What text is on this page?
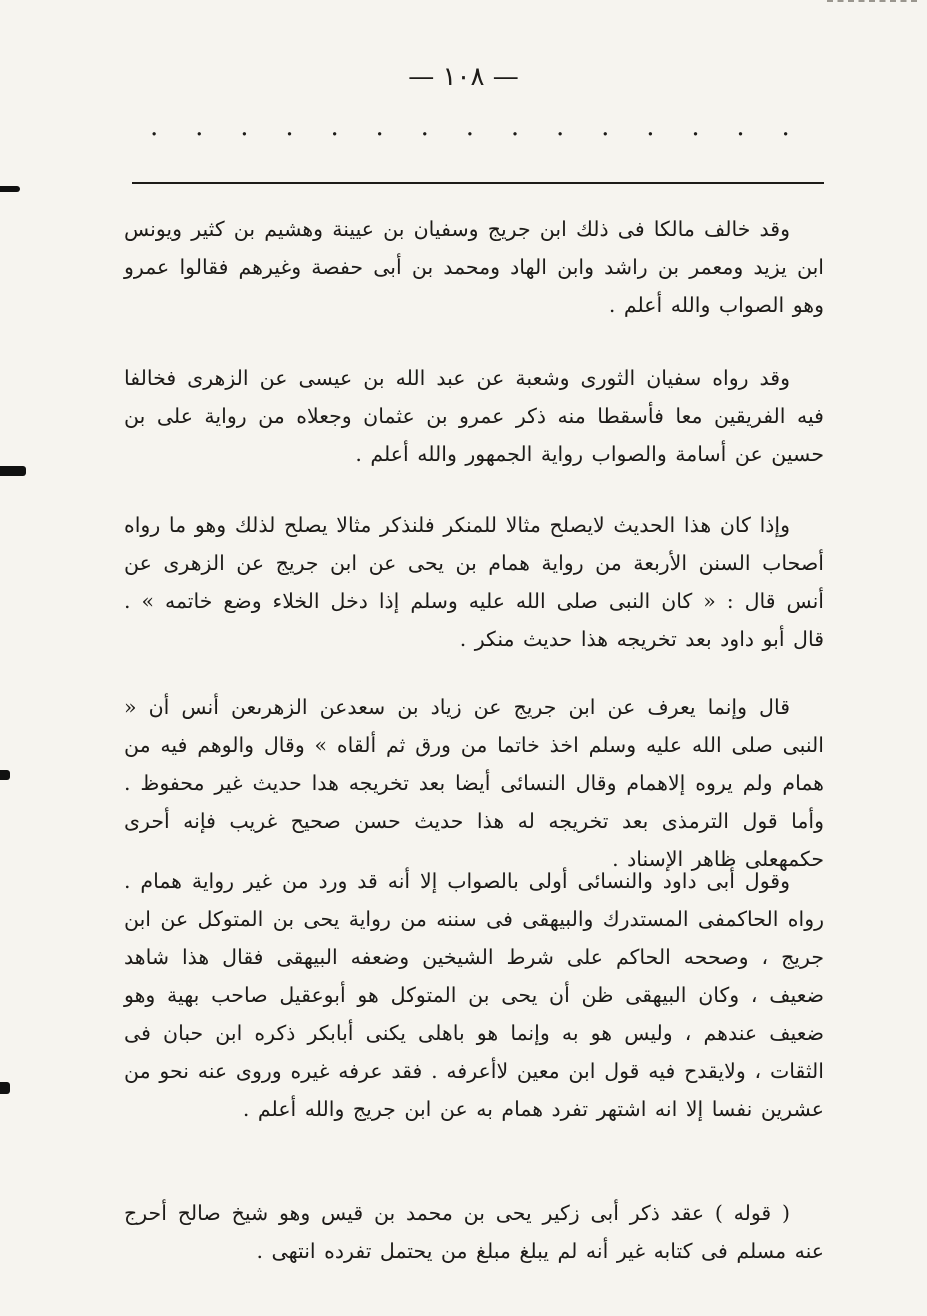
— ١٠٨ —
. . . . . . . . . . . . . . .

وقد خالف مالكا فى ذلك ابن جريج وسفيان بن عيينة وهشيم بن كثير ويونس ابن يزيد ومعمر بن راشد وابن الهاد ومحمد بن أبى حفصة وغيرهم فقالوا عمرو وهو الصواب والله أعلم .

وقد رواه سفيان الثورى وشعبة عن عبد الله بن عيسى عن الزهرى فخالفا فيه الفريقين معا فأسقطا منه ذكر عمرو بن عثمان وجعلاه من رواية على بن حسين عن أسامة والصواب رواية الجمهور والله أعلم .

وإذا كان هذا الحديث لايصلح مثالا للمنكر فلنذكر مثالا يصلح لذلك وهو ما رواه أصحاب السنن الأربعة من رواية همام بن يحى عن ابن جريج عن الزهرى عن أنس قال : « كان النبى صلى الله عليه وسلم إذا دخل الخلاء وضع خاتمه » . قال أبو داود بعد تخريجه هذا حديث منكر .

قال وإنما يعرف عن ابن جريج عن زياد بن سعدعن الزهرىعن أنس أن « النبى صلى الله عليه وسلم اخذ خاتما من ورق ثم ألقاه » وقال والوهم فيه من همام ولم يروه إلاهمام وقال النسائى أيضا بعد تخريجه هدا حديث غير محفوظ . وأما قول الترمذى بعد تخريجه له هذا حديث حسن صحيح غريب فإنه أحرى حكمهعلى ظاهر الإسناد .

وقول أبى داود والنسائى أولى بالصواب إلا أنه قد ورد من غير رواية همام . رواه الحاكمفى المستدرك والبيهقى فى سننه من رواية يحى بن المتوكل عن ابن جريج ، وصححه الحاكم على شرط الشيخين وضعفه البيهقى فقال هذا شاهد ضعيف ، وكان البيهقى ظن أن يحى بن المتوكل هو أبوعقيل صاحب بهية وهو ضعيف عندهم ، وليس هو به وإنما هو باهلى يكنى أبابكر ذكره ابن حبان فى الثقات ، ولايقدح فيه قول ابن معين لاأعرفه . فقد عرفه غيره وروى عنه نحو من عشرين نفسا إلا انه اشتهر تفرد همام به عن ابن جريج والله أعلم .

( قوله ) عقد ذكر أبى زكير يحى بن محمد بن قيس وهو شيخ صالح أحرج عنه مسلم فى كتابه غير أنه لم يبلغ مبلغ من يحتمل تفرده انتهى .
